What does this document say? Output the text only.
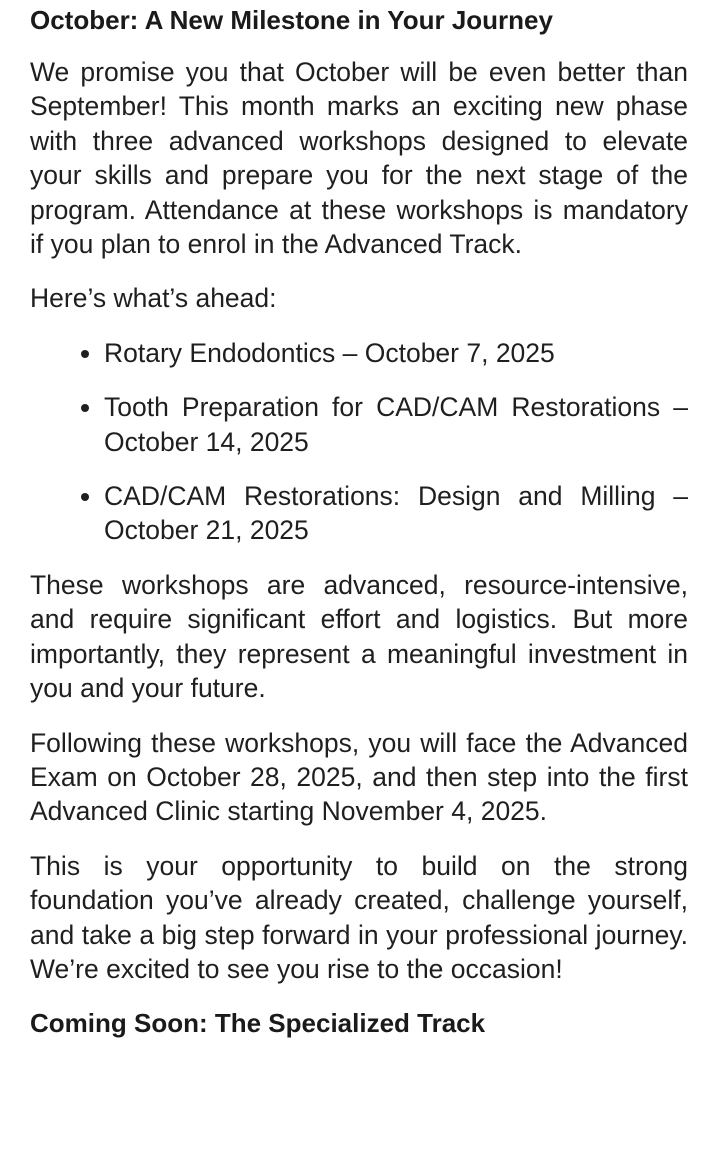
October: A New Milestone in Your Journey

We promise you that October will be even better than September! This month marks an exciting new phase with three advanced workshops designed to elevate your skills and prepare you for the next stage of the program. Attendance at these workshops is mandatory if you plan to enrol in the Advanced Track.

Here’s what’s ahead:

Rotary Endodontics – October 7, 2025
Tooth Preparation for CAD/CAM Restorations – October 14, 2025
CAD/CAM Restorations: Design and Milling – October 21, 2025

These workshops are advanced, resource-intensive, and require significant effort and logistics. But more importantly, they represent a meaningful investment in you and your future.

Following these workshops, you will face the Advanced Exam on October 28, 2025, and then step into the first Advanced Clinic starting November 4, 2025.

This is your opportunity to build on the strong foundation you’ve already created, challenge yourself, and take a big step forward in your professional journey. We’re excited to see you rise to the occasion!

Coming Soon: The Specialized Track
